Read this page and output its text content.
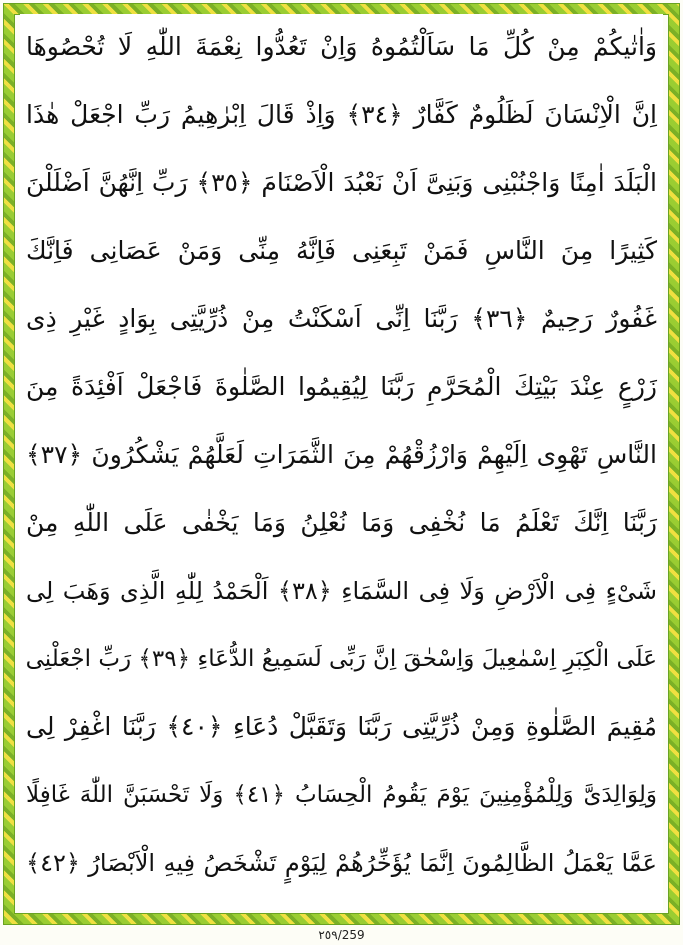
وَاٰتٰيكُمْ مِنْ كُلِّ مَا سَاَلْتُمُوهُ وَاِنْ تَعُدُّوا نِعْمَةَ اللّٰهِ لَا تُحْصُوهَا
اِنَّ الْاِنْسَانَ لَظَلُومٌ كَفَّارٌ ﴿٣٤﴾ وَاِذْ قَالَ اِبْرٰهِيمُ رَبِّ اجْعَلْ هٰذَا
الْبَلَدَ اٰمِنًا وَاجْنُبْنِى وَبَنِىَّ اَنْ نَعْبُدَ الْاَصْنَامَ ﴿٣٥﴾ رَبِّ اِنَّهُنَّ اَضْلَلْنَ
كَثِيرًا مِنَ النَّاسِ فَمَنْ تَبِعَنِى فَاِنَّهُ مِنِّى وَمَنْ عَصَانِى فَاِنَّكَ
غَفُورٌ رَحِيمٌ ﴿٣٦﴾ رَبَّنَا اِنِّى اَسْكَنْتُ مِنْ ذُرِّيَّتِى بِوَادٍ غَيْرِ ذِى
زَرْعٍ عِنْدَ بَيْتِكَ الْمُحَرَّمِ رَبَّنَا لِيُقِيمُوا الصَّلٰوةَ فَاجْعَلْ اَفْئِدَةً مِنَ
النَّاسِ تَهْوِى اِلَيْهِمْ وَارْزُقْهُمْ مِنَ الثَّمَرَاتِ لَعَلَّهُمْ يَشْكُرُونَ ﴿٣٧﴾
رَبَّنَا اِنَّكَ تَعْلَمُ مَا نُخْفِى وَمَا نُعْلِنُ وَمَا يَخْفٰى عَلَى اللّٰهِ مِنْ
شَىْءٍ فِى الْاَرْضِ وَلَا فِى السَّمَاءِ ﴿٣٨﴾ اَلْحَمْدُ لِلّٰهِ الَّذِى وَهَبَ لِى
عَلَى الْكِبَرِ اِسْمٰعِيلَ وَاِسْحٰقَ اِنَّ رَبِّى لَسَمِيعُ الدُّعَاءِ ﴿٣٩﴾ رَبِّ اجْعَلْنِى
مُقِيمَ الصَّلٰوةِ وَمِنْ ذُرِّيَّتِى رَبَّنَا وَتَقَبَّلْ دُعَاءِ ﴿٤٠﴾ رَبَّنَا اغْفِرْ لِى
وَلِوَالِدَىَّ وَلِلْمُؤْمِنِينَ يَوْمَ يَقُومُ الْحِسَابُ ﴿٤١﴾ وَلَا تَحْسَبَنَّ اللّٰهَ غَافِلًا
عَمَّا يَعْمَلُ الظَّالِمُونَ اِنَّمَا يُؤَخِّرُهُمْ لِيَوْمٍ تَشْخَصُ فِيهِ الْاَبْصَارُ ﴿٤٢﴾
٢٥٩/259
